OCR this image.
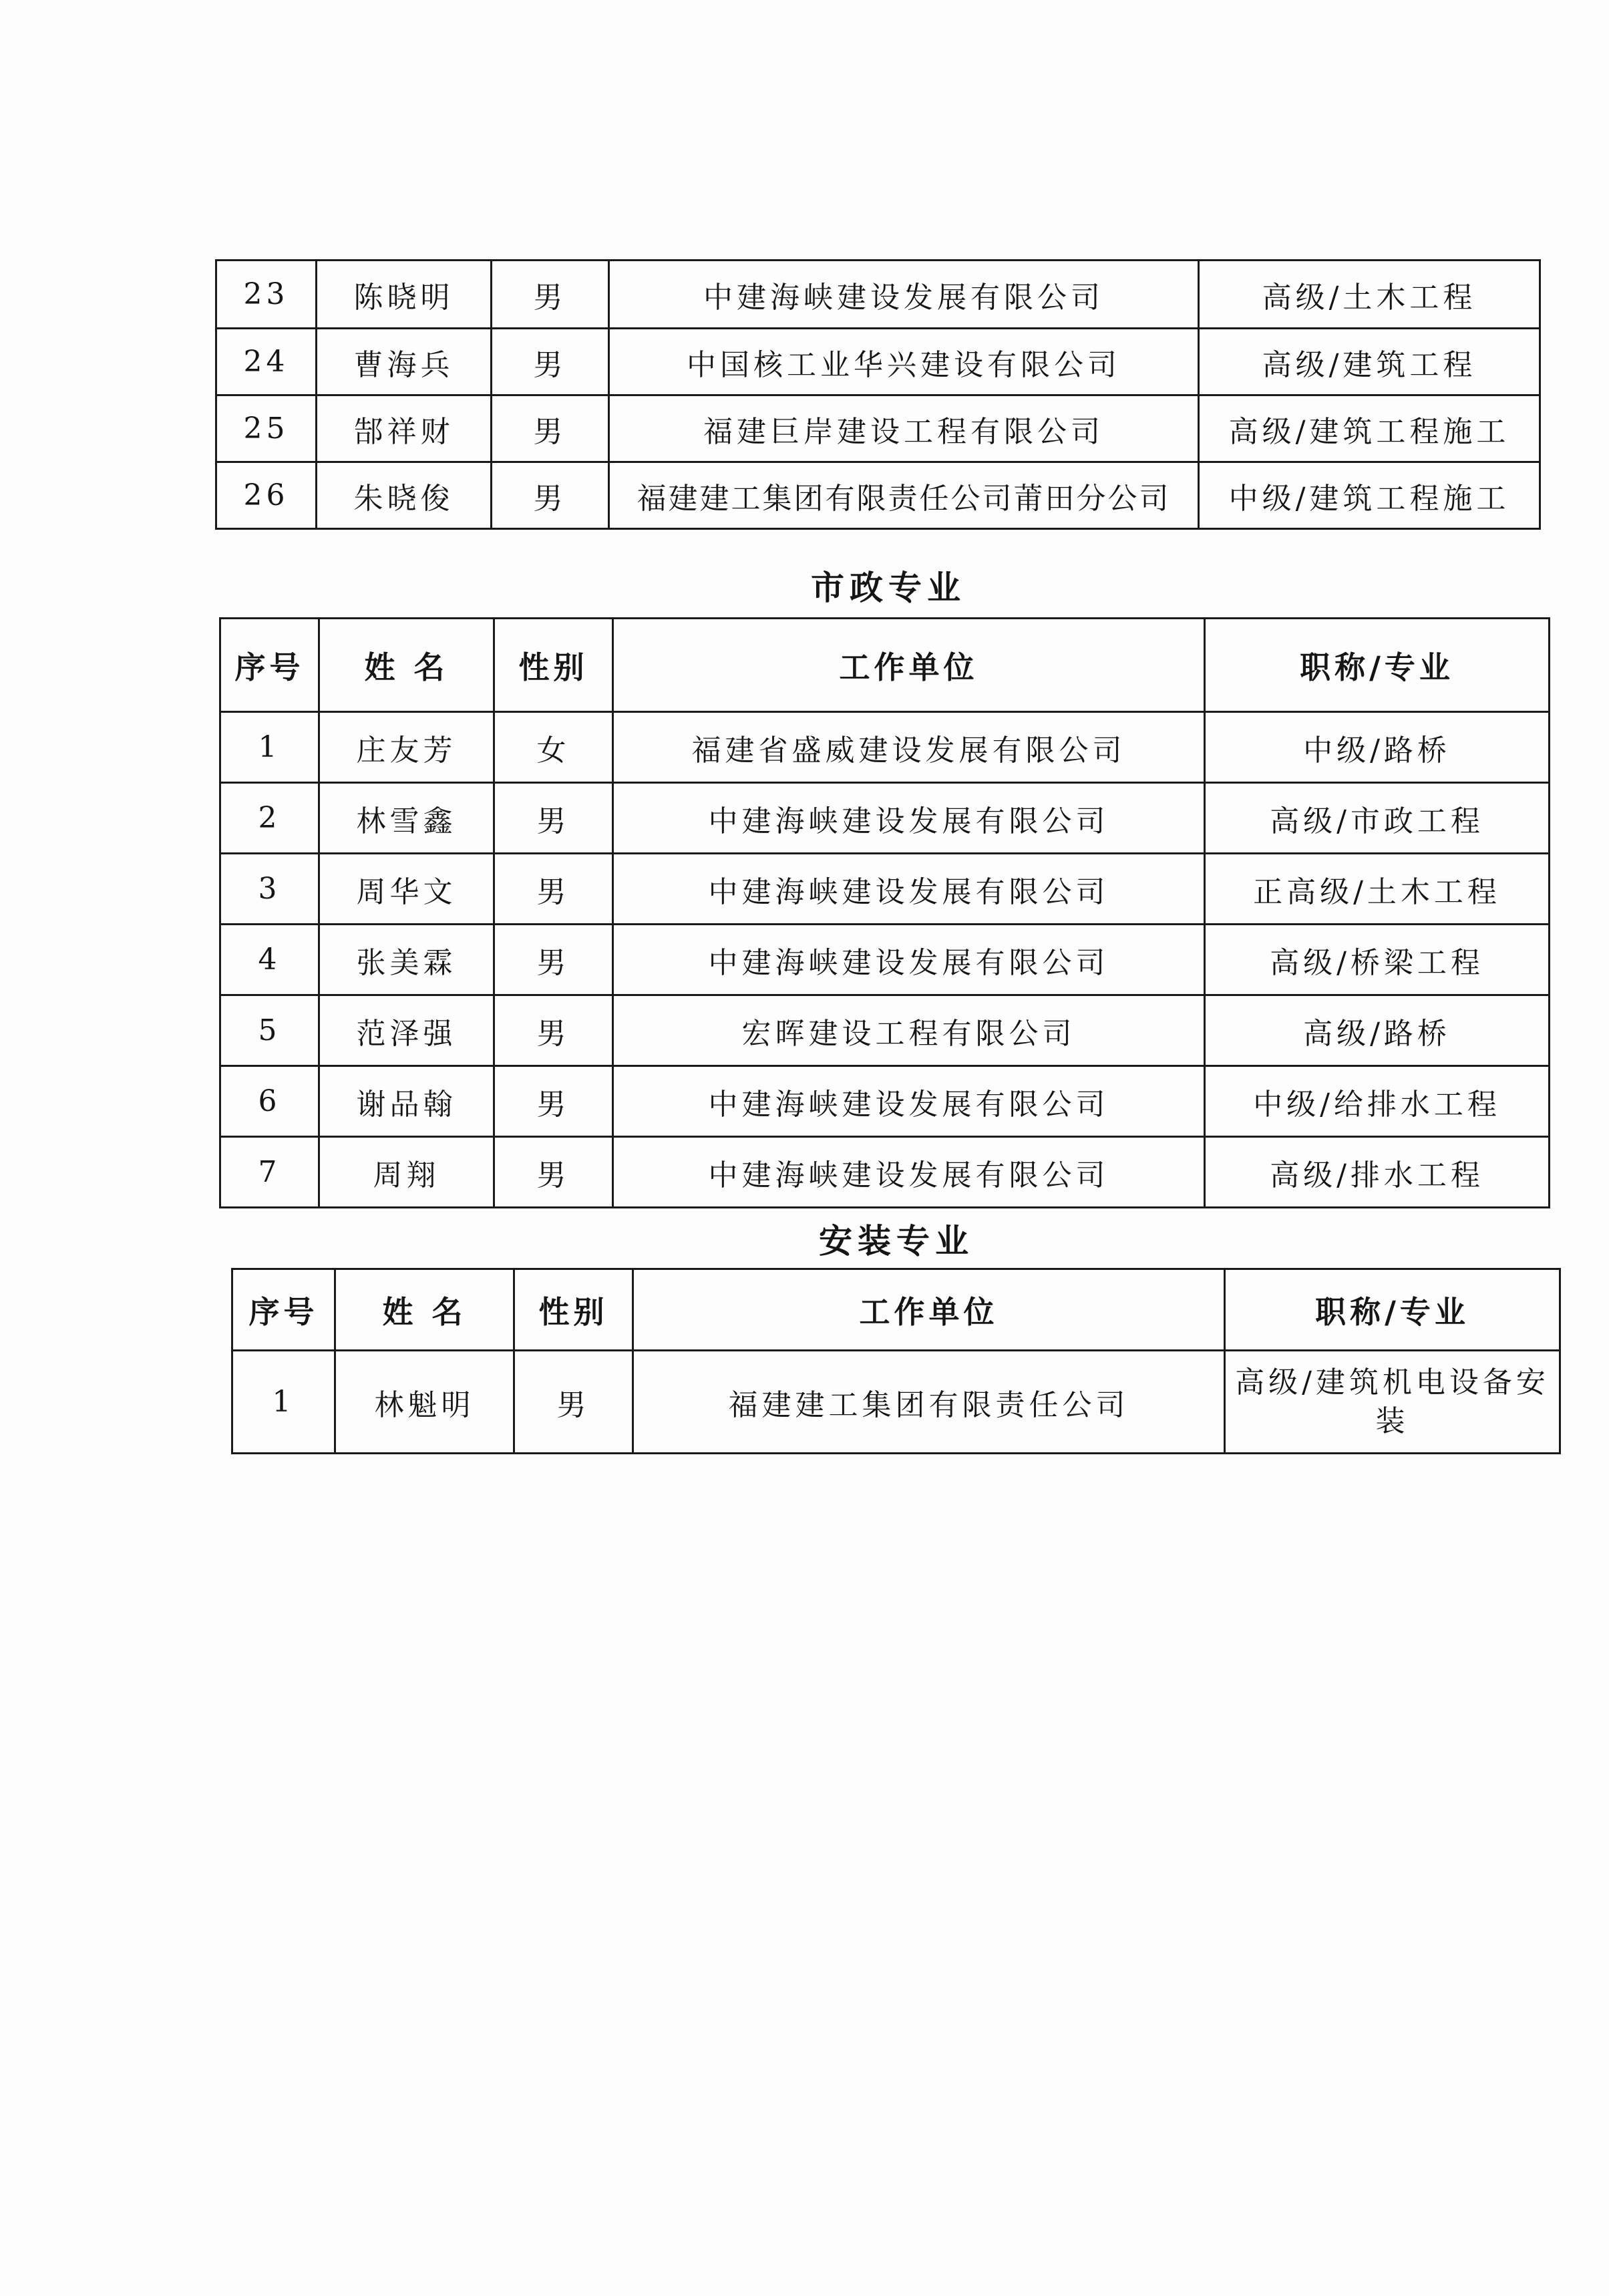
23	陈晓明	男	中建海峡建设发展有限公司	高级/土木工程
24	曹海兵	男	中国核工业华兴建设有限公司	高级/建筑工程
25	郜祥财	男	福建巨岸建设工程有限公司	高级/建筑工程施工
26	朱晓俊	男	福建建工集团有限责任公司莆田分公司	中级/建筑工程施工
市政专业
序号	姓 名	性别	工作单位	职称/专业
1	庄友芳	女	福建省盛威建设发展有限公司	中级/路桥
2	林雪鑫	男	中建海峡建设发展有限公司	高级/市政工程
3	周华文	男	中建海峡建设发展有限公司	正高级/土木工程
4	张美霖	男	中建海峡建设发展有限公司	高级/桥梁工程
5	范泽强	男	宏晖建设工程有限公司	高级/路桥
6	谢品翰	男	中建海峡建设发展有限公司	中级/给排水工程
7	周翔	男	中建海峡建设发展有限公司	高级/排水工程
安装专业
序号	姓 名	性别	工作单位	职称/专业
1	林魁明	男	福建建工集团有限责任公司	高级/建筑机电设备安装
